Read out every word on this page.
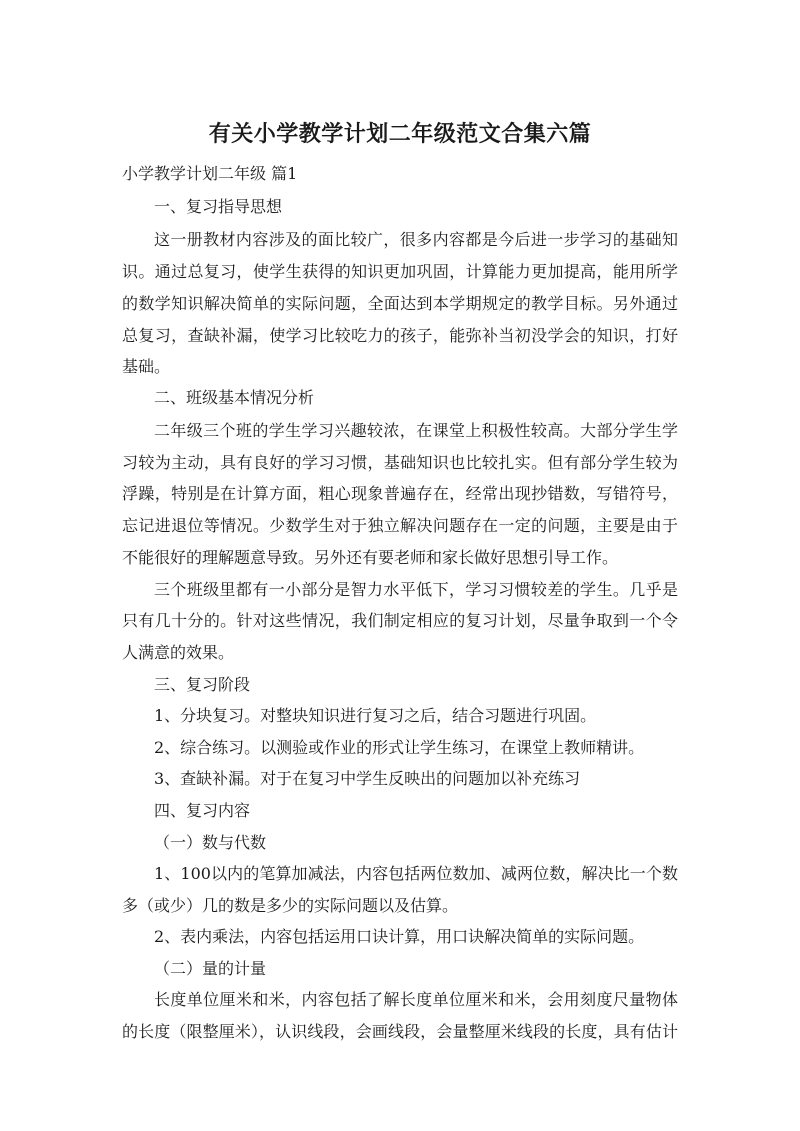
有关小学教学计划二年级范文合集六篇
小学教学计划二年级 篇1
一、复习指导思想
这一册教材内容涉及的面比较广，很多内容都是今后进一步学习的基础知
识。通过总复习，使学生获得的知识更加巩固，计算能力更加提高，能用所学
的数学知识解决简单的实际问题，全面达到本学期规定的教学目标。另外通过
总复习，查缺补漏，使学习比较吃力的孩子，能弥补当初没学会的知识，打好
基础。
二、班级基本情况分析
二年级三个班的学生学习兴趣较浓，在课堂上积极性较高。大部分学生学
习较为主动，具有良好的学习习惯，基础知识也比较扎实。但有部分学生较为
浮躁，特别是在计算方面，粗心现象普遍存在，经常出现抄错数，写错符号，
忘记进退位等情况。少数学生对于独立解决问题存在一定的问题，主要是由于
不能很好的理解题意导致。另外还有要老师和家长做好思想引导工作。
三个班级里都有一小部分是智力水平低下，学习习惯较差的学生。几乎是
只有几十分的。针对这些情况，我们制定相应的复习计划，尽量争取到一个令
人满意的效果。
三、复习阶段
1、分块复习。对整块知识进行复习之后，结合习题进行巩固。
2、综合练习。以测验或作业的形式让学生练习，在课堂上教师精讲。
3、查缺补漏。对于在复习中学生反映出的问题加以补充练习
四、复习内容
（一）数与代数
1、100以内的笔算加减法，内容包括两位数加、减两位数，解决比一个数
多（或少）几的数是多少的实际问题以及估算。
2、表内乘法，内容包括运用口诀计算，用口诀解决简单的实际问题。
（二）量的计量
长度单位厘米和米，内容包括了解长度单位厘米和米，会用刻度尺量物体
的长度（限整厘米），认识线段，会画线段，会量整厘米线段的长度，具有估计
